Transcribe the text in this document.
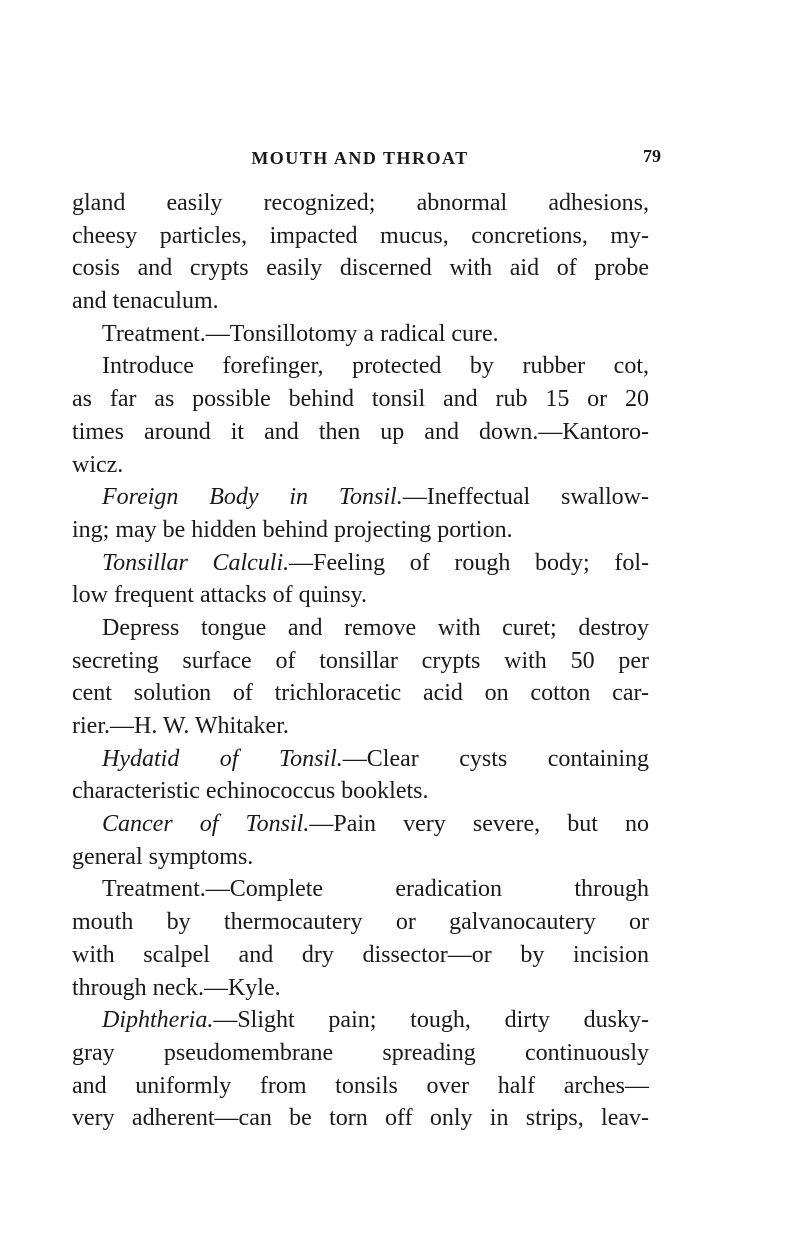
MOUTH AND THROAT	79
gland easily recognized; abnormal adhesions,
cheesy particles, impacted mucus, concretions, my-
cosis and crypts easily discerned with aid of probe
and tenaculum.
Treatment.—Tonsillotomy a radical cure.
Introduce forefinger, protected by rubber cot,
as far as possible behind tonsil and rub 15 or 20
times around it and then up and down.—Kantoro-
wicz.
Foreign Body in Tonsil.—Ineffectual swallow-
ing; may be hidden behind projecting portion.
Tonsillar Calculi.—Feeling of rough body; fol-
low frequent attacks of quinsy.
Depress tongue and remove with curet; destroy
secreting surface of tonsillar crypts with 50 per
cent solution of trichloracetic acid on cotton car-
rier.—H. W. Whitaker.
Hydatid of Tonsil.—Clear cysts containing
characteristic echinococcus booklets.
Cancer of Tonsil.—Pain very severe, but no
general symptoms.
Treatment.—Complete eradication through
mouth by thermocautery or galvanocautery or
with scalpel and dry dissector—or by incision
through neck.—Kyle.
Diphtheria.—Slight pain; tough, dirty dusky-
gray pseudomembrane spreading continuously
and uniformly from tonsils over half arches—
very adherent—can be torn off only in strips, leav-
